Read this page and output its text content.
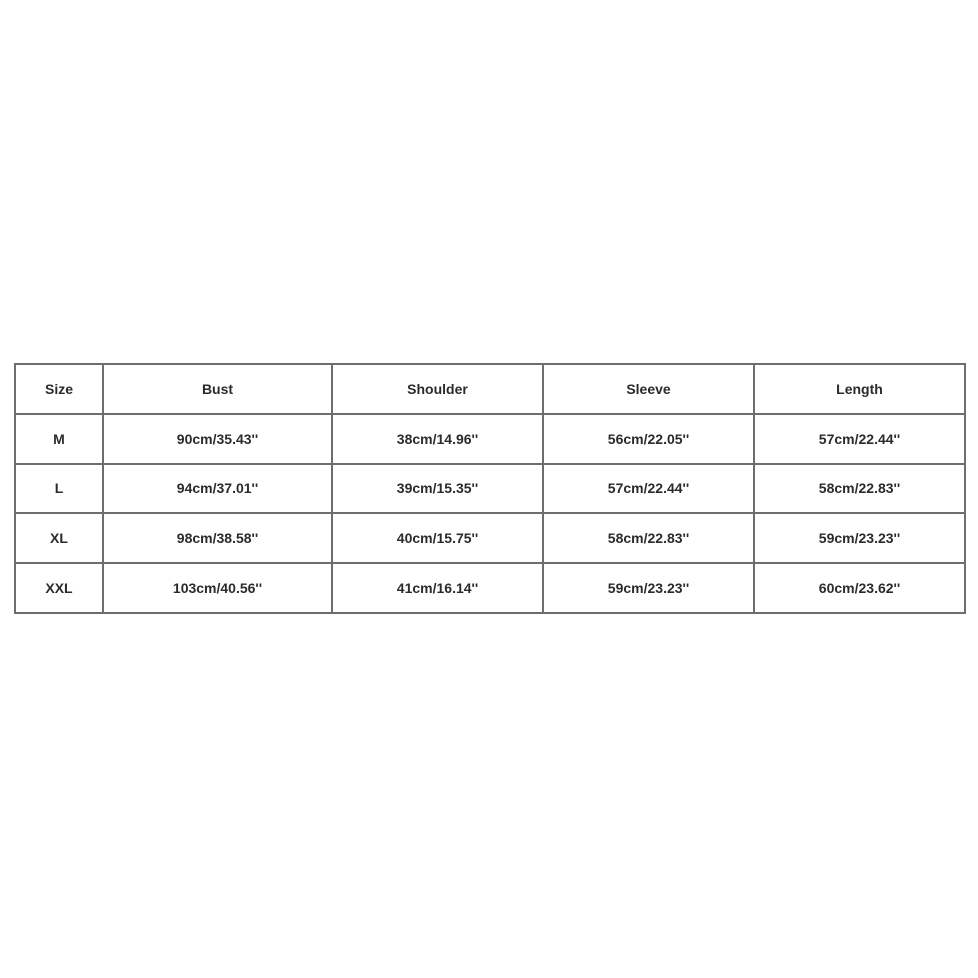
Size	Bust	Shoulder	Sleeve	Length
M	90cm/35.43''	38cm/14.96''	56cm/22.05''	57cm/22.44''
L	94cm/37.01''	39cm/15.35''	57cm/22.44''	58cm/22.83''
XL	98cm/38.58''	40cm/15.75''	58cm/22.83''	59cm/23.23''
XXL	103cm/40.56''	41cm/16.14''	59cm/23.23''	60cm/23.62''
